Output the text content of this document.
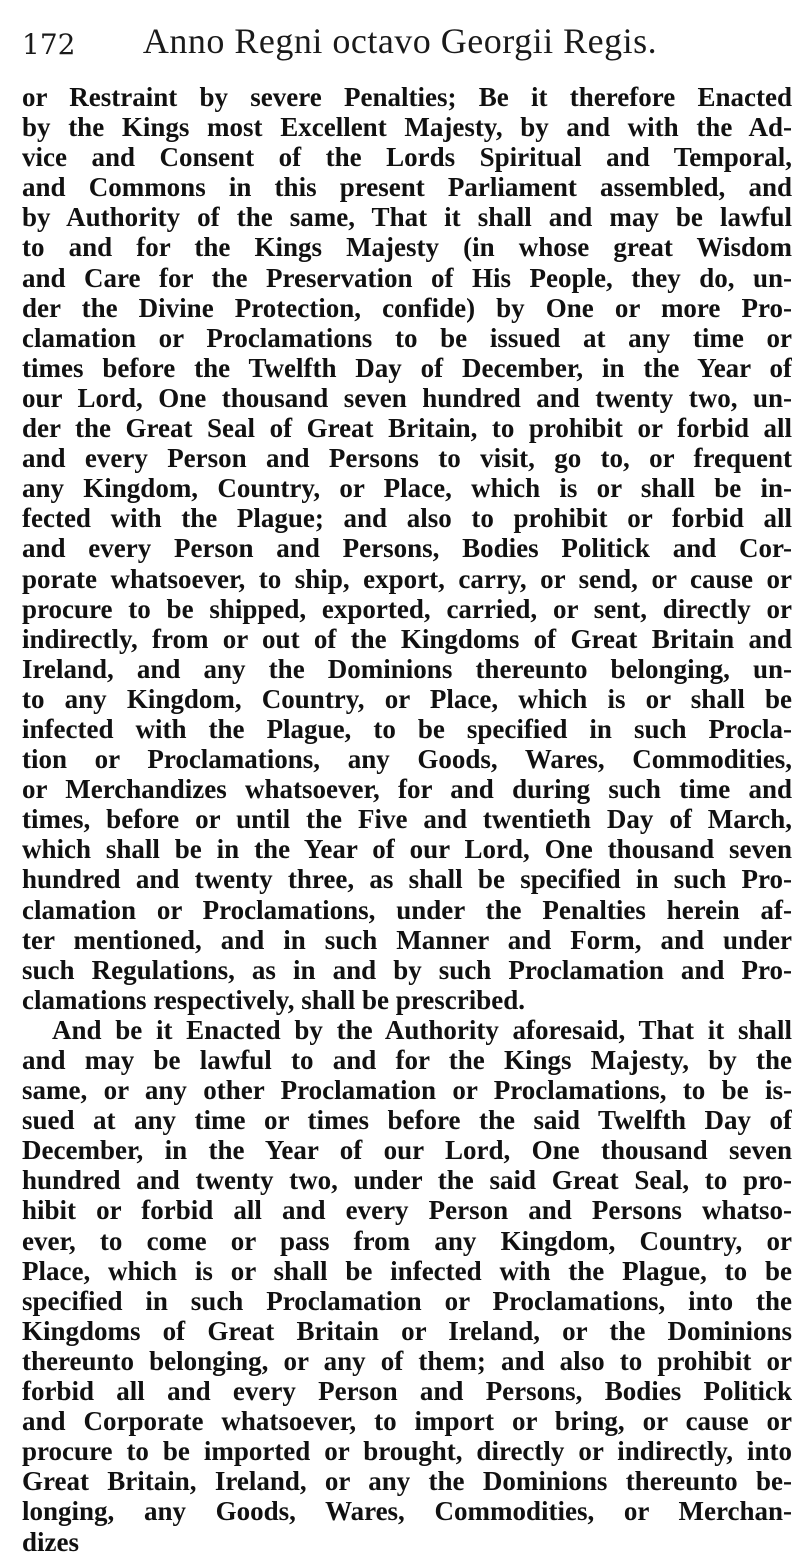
172	Anno Regni octavo Georgii Regis.
or Restraint by severe Penalties; Be it therefore Enacted
by the Kings most Excellent Majesty, by and with the Ad-
vice and Consent of the Lords Spiritual and Temporal,
and Commons in this present Parliament assembled, and
by Authority of the same, That it shall and may be lawful
to and for the Kings Majesty (in whose great Wisdom
and Care for the Preservation of His People, they do, un-
der the Divine Protection, confide) by One or more Pro-
clamation or Proclamations to be issued at any time or
times before the Twelfth Day of December, in the Year of
our Lord, One thousand seven hundred and twenty two, un-
der the Great Seal of Great Britain, to prohibit or forbid all
and every Person and Persons to visit, go to, or frequent
any Kingdom, Country, or Place, which is or shall be in-
fected with the Plague; and also to prohibit or forbid all
and every Person and Persons, Bodies Politick and Cor-
porate whatsoever, to ship, export, carry, or send, or cause or
procure to be shipped, exported, carried, or sent, directly or
indirectly, from or out of the Kingdoms of Great Britain and
Ireland, and any the Dominions thereunto belonging, un-
to any Kingdom, Country, or Place, which is or shall be
infected with the Plague, to be specified in such Procla-
tion or Proclamations, any Goods, Wares, Commodities,
or Merchandizes whatsoever, for and during such time and
times, before or until the Five and twentieth Day of March,
which shall be in the Year of our Lord, One thousand seven
hundred and twenty three, as shall be specified in such Pro-
clamation or Proclamations, under the Penalties herein af-
ter mentioned, and in such Manner and Form, and under
such Regulations, as in and by such Proclamation and Pro-
clamations respectively, shall be prescribed.
And be it Enacted by the Authority aforesaid, That it shall
and may be lawful to and for the Kings Majesty, by the
same, or any other Proclamation or Proclamations, to be is-
sued at any time or times before the said Twelfth Day of
December, in the Year of our Lord, One thousand seven
hundred and twenty two, under the said Great Seal, to pro-
hibit or forbid all and every Person and Persons whatso-
ever, to come or pass from any Kingdom, Country, or
Place, which is or shall be infected with the Plague, to be
specified in such Proclamation or Proclamations, into the
Kingdoms of Great Britain or Ireland, or the Dominions
thereunto belonging, or any of them; and also to prohibit or
forbid all and every Person and Persons, Bodies Politick
and Corporate whatsoever, to import or bring, or cause or
procure to be imported or brought, directly or indirectly, into
Great Britain, Ireland, or any the Dominions thereunto be-
longing, any Goods, Wares, Commodities, or Merchan-
dizes
